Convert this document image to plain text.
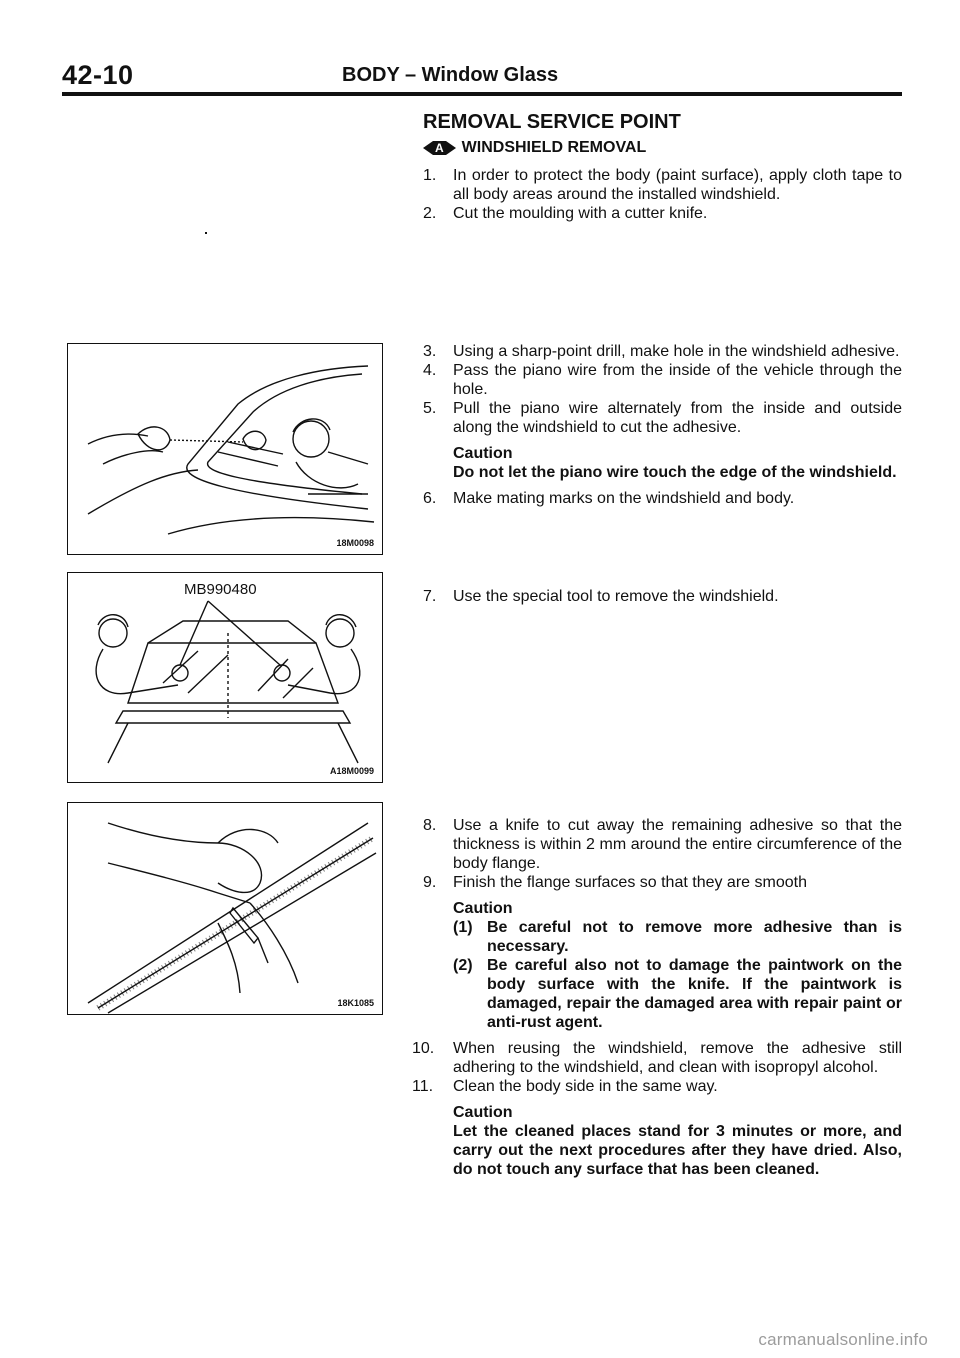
42-10	BODY – Window Glass
REMOVAL SERVICE POINT
A WINDSHIELD REMOVAL
1. In order to protect the body (paint surface), apply cloth tape to all body areas around the installed windshield.
2. Cut the moulding with a cutter knife.
3. Using a sharp-point drill, make hole in the windshield adhesive.
4. Pass the piano wire from the inside of the vehicle through the hole.
5. Pull the piano wire alternately from the inside and outside along the windshield to cut the adhesive.
Caution
Do not let the piano wire touch the edge of the windshield.
6. Make mating marks on the windshield and body.
7. Use the special tool to remove the windshield.
8. Use a knife to cut away the remaining adhesive so that the thickness is within 2 mm around the entire circumference of the body flange.
9. Finish the flange surfaces so that they are smooth
Caution
(1) Be careful not to remove more adhesive than is necessary.
(2) Be careful also not to damage the paintwork on the body surface with the knife. If the paintwork is damaged, repair the damaged area with repair paint or anti-rust agent.
10. When reusing the windshield, remove the adhesive still adhering to the windshield, and clean with isopropyl alcohol.
11. Clean the body side in the same way.
Caution
Let the cleaned places stand for 3 minutes or more, and carry out the next procedures after they have dried. Also, do not touch any surface that has been cleaned.
18M0098
MB990480
A18M0099
18K1085
carmanualsonline.info
